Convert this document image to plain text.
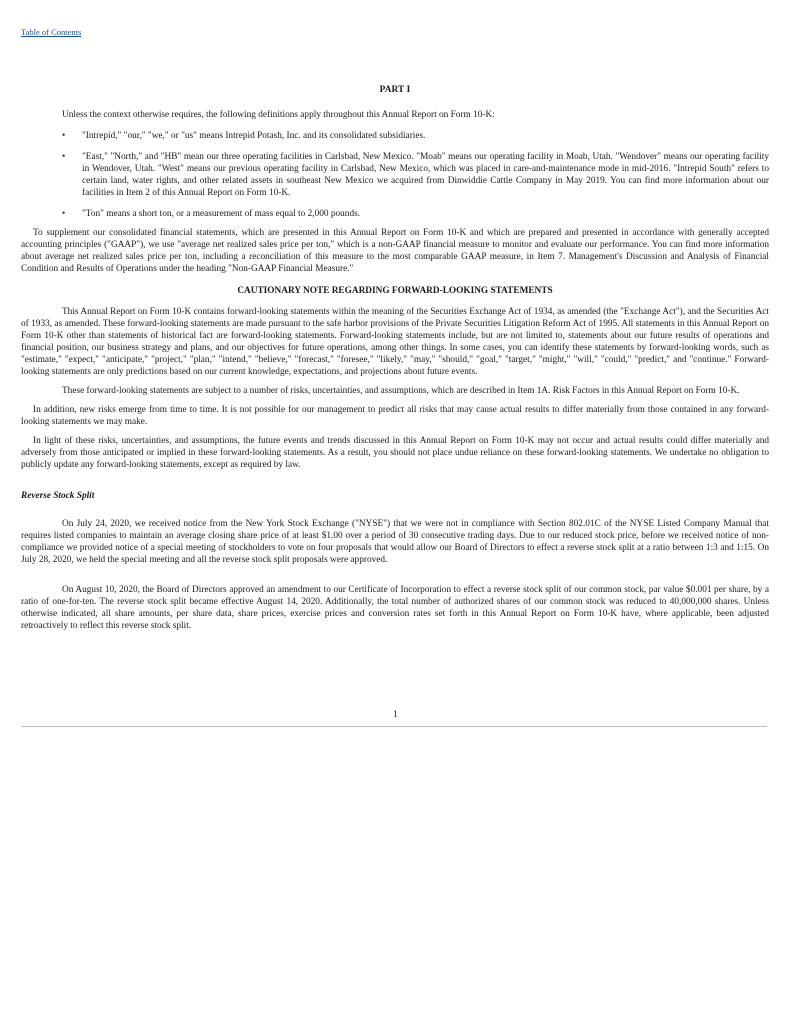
Table of Contents

PART I

Unless the context otherwise requires, the following definitions apply throughout this Annual Report on Form 10-K:

•	"Intrepid," "our," "we," or "us" means Intrepid Potash, Inc. and its consolidated subsidiaries.
•	"East," "North," and "HB" mean our three operating facilities in Carlsbad, New Mexico. "Moab" means our operating facility in Moab, Utah. "Wendover" means our operating facility in Wendover, Utah. "West" means our previous operating facility in Carlsbad, New Mexico, which was placed in care-and-maintenance mode in mid-2016. "Intrepid South" refers to certain land, water rights, and other related assets in southeast New Mexico we acquired from Dinwiddie Cattle Company in May 2019. You can find more information about our facilities in Item 2 of this Annual Report on Form 10-K.
•	"Ton" means a short ton, or a measurement of mass equal to 2,000 pounds.

To supplement our consolidated financial statements, which are presented in this Annual Report on Form 10-K and which are prepared and presented in accordance with generally accepted accounting principles ("GAAP"), we use "average net realized sales price per ton," which is a non-GAAP financial measure to monitor and evaluate our performance. You can find more information about average net realized sales price per ton, including a reconciliation of this measure to the most comparable GAAP measure, in Item 7. Management's Discussion and Analysis of Financial Condition and Results of Operations under the heading "Non-GAAP Financial Measure."

CAUTIONARY NOTE REGARDING FORWARD-LOOKING STATEMENTS

This Annual Report on Form 10-K contains forward-looking statements within the meaning of the Securities Exchange Act of 1934, as amended (the "Exchange Act"), and the Securities Act of 1933, as amended. These forward-looking statements are made pursuant to the safe harbor provisions of the Private Securities Litigation Reform Act of 1995. All statements in this Annual Report on Form 10-K other than statements of historical fact are forward-looking statements. Forward-looking statements include, but are not limited to, statements about our future results of operations and financial position, our business strategy and plans, and our objectives for future operations, among other things. In some cases, you can identify these statements by forward-looking words, such as "estimate," "expect," "anticipate," "project," "plan," "intend," "believe," "forecast," "foresee," "likely," "may," "should," "goal," "target," "might," "will," "could," "predict," and "continue." Forward-looking statements are only predictions based on our current knowledge, expectations, and projections about future events.

These forward-looking statements are subject to a number of risks, uncertainties, and assumptions, which are described in Item 1A. Risk Factors in this Annual Report on Form 10-K.

In addition, new risks emerge from time to time. It is not possible for our management to predict all risks that may cause actual results to differ materially from those contained in any forward-looking statements we may make.

In light of these risks, uncertainties, and assumptions, the future events and trends discussed in this Annual Report on Form 10-K may not occur and actual results could differ materially and adversely from those anticipated or implied in these forward-looking statements. As a result, you should not place undue reliance on these forward-looking statements. We undertake no obligation to publicly update any forward-looking statements, except as required by law.

Reverse Stock Split

On July 24, 2020, we received notice from the New York Stock Exchange ("NYSE") that we were not in compliance with Section 802.01C of the NYSE Listed Company Manual that requires listed companies to maintain an average closing share price of at least $1.00 over a period of 30 consecutive trading days. Due to our reduced stock price, before we received notice of non-compliance we provided notice of a special meeting of stockholders to vote on four proposals that would allow our Board of Directors to effect a reverse stock split at a ratio between 1:3 and 1:15. On July 28, 2020, we held the special meeting and all the reverse stock split proposals were approved.

On August 10, 2020, the Board of Directors approved an amendment to our Certificate of Incorporation to effect a reverse stock split of our common stock, par value $0.001 per share, by a ratio of one-for-ten. The reverse stock split became effective August 14, 2020. Additionally, the total number of authorized shares of our common stock was reduced to 40,000,000 shares. Unless otherwise indicated, all share amounts, per share data, share prices, exercise prices and conversion rates set forth in this Annual Report on Form 10-K have, where applicable, been adjusted retroactively to reflect this reverse stock split.

1
